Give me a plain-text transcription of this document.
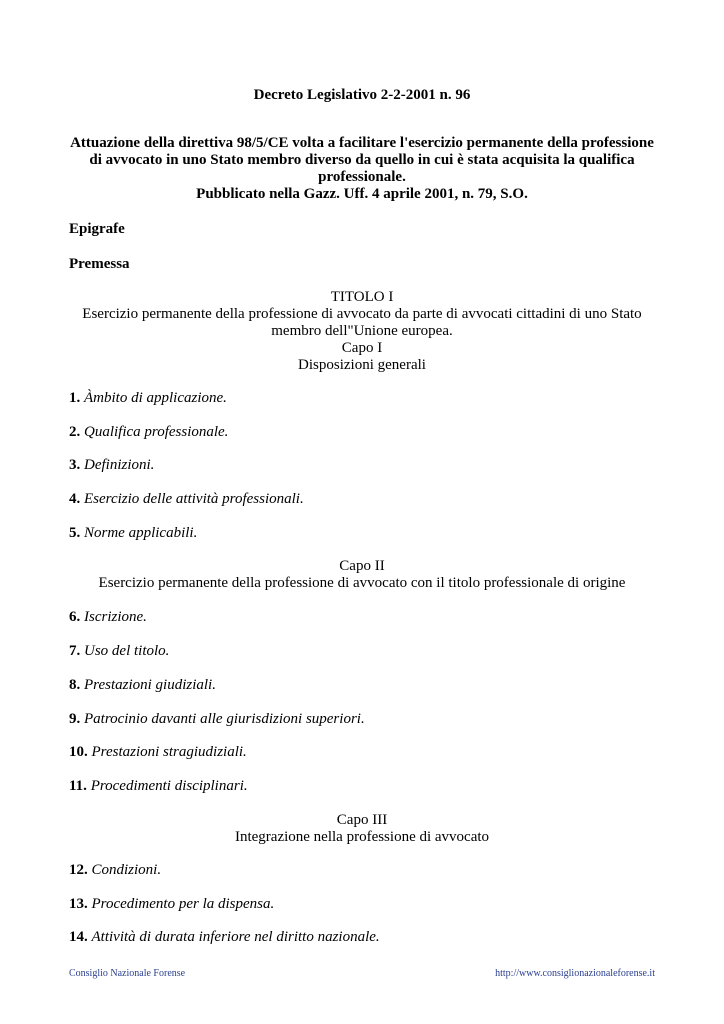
Decreto Legislativo 2-2-2001 n. 96
Attuazione della direttiva 98/5/CE volta a facilitare l'esercizio permanente della professione di avvocato in uno Stato membro diverso da quello in cui è stata acquisita la qualifica professionale.
Pubblicato nella Gazz. Uff. 4 aprile 2001, n. 79, S.O.
Epigrafe
Premessa
TITOLO I
Esercizio permanente della professione di avvocato da parte di avvocati cittadini di uno Stato membro dell"Unione europea.
Capo I
Disposizioni generali
1. Àmbito di applicazione.
2. Qualifica professionale.
3. Definizioni.
4. Esercizio delle attività professionali.
5. Norme applicabili.
Capo II
Esercizio permanente della professione di avvocato con il titolo professionale di origine
6. Iscrizione.
7. Uso del titolo.
8. Prestazioni giudiziali.
9. Patrocinio davanti alle giurisdizioni superiori.
10. Prestazioni stragiudiziali.
11. Procedimenti disciplinari.
Capo III
Integrazione nella professione di avvocato
12. Condizioni.
13. Procedimento per la dispensa.
14. Attività di durata inferiore nel diritto nazionale.
Consiglio Nazionale Forense	http://www.consiglionazionaleforense.it
